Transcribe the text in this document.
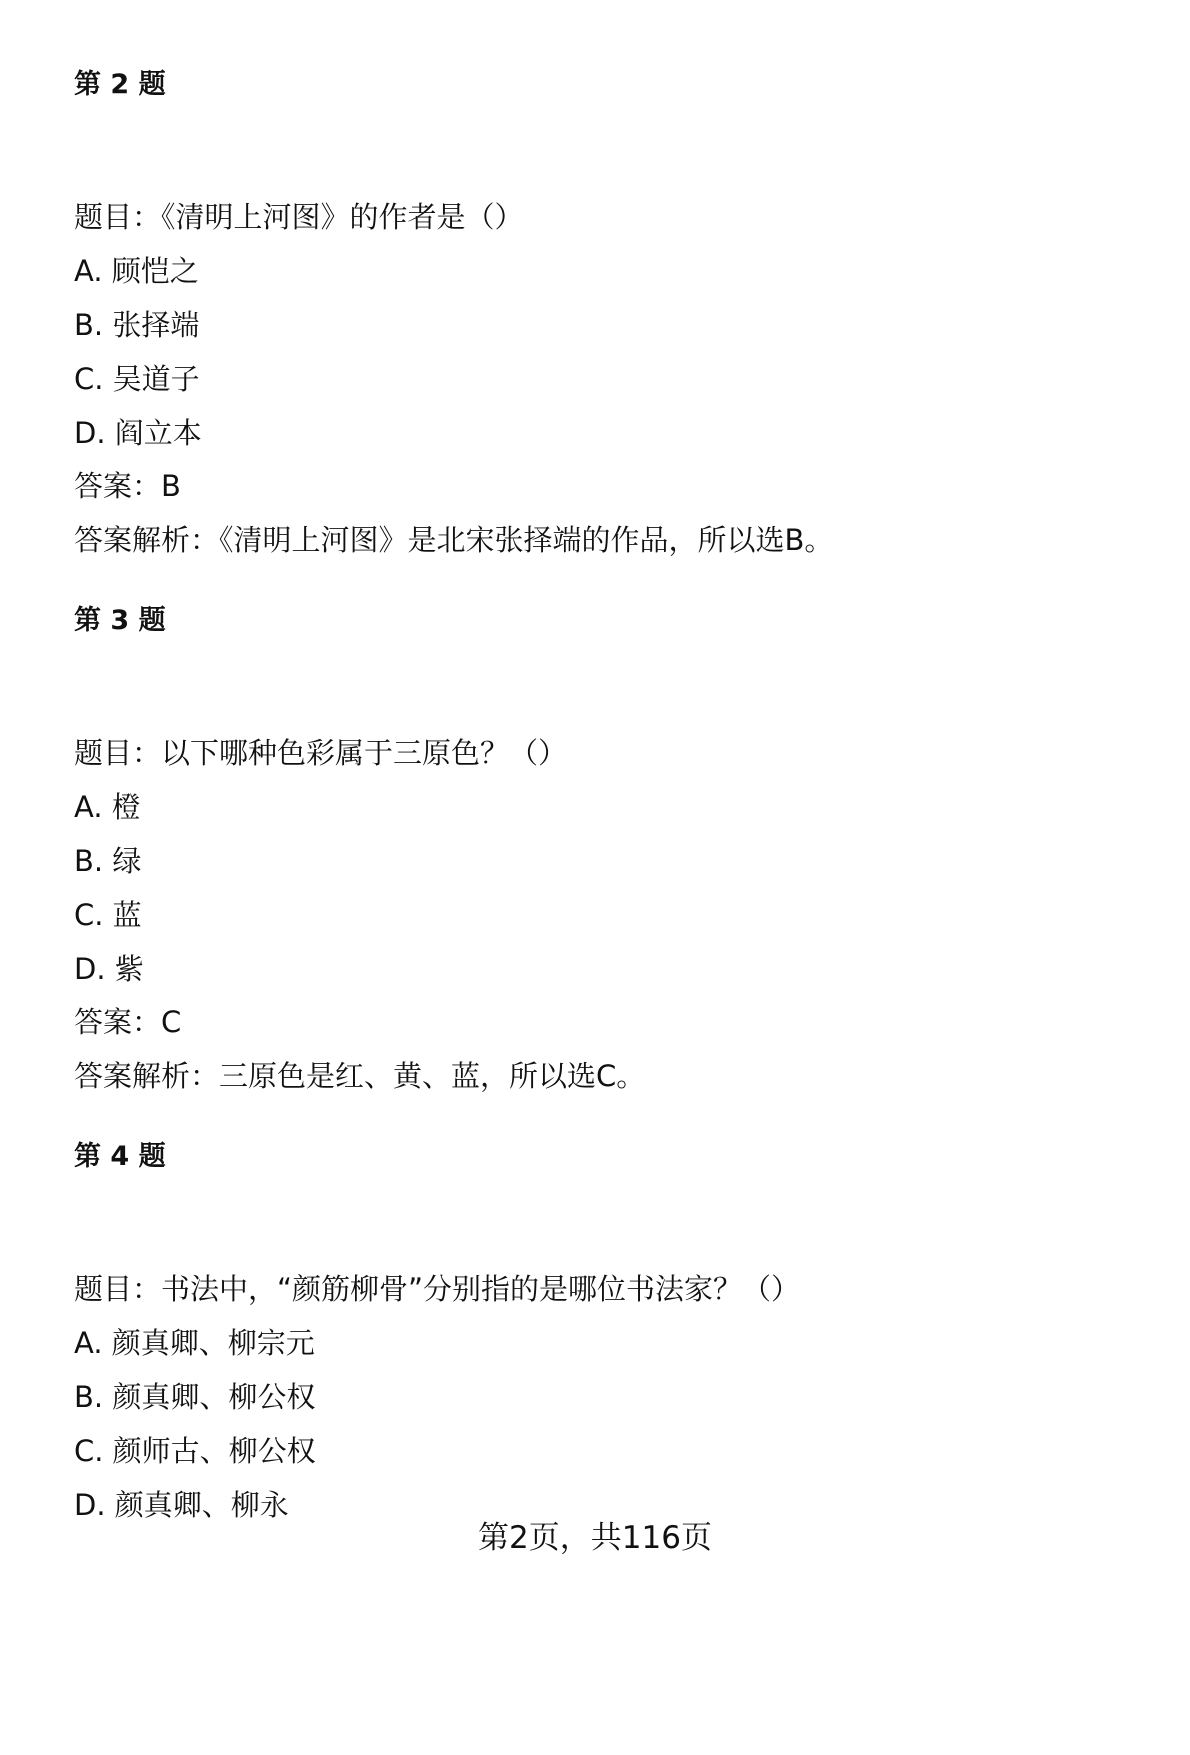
第 2 题

题目：《清明上河图》的作者是（）

A. 顾恺之

B. 张择端

C. 吴道子

D. 阎立本

答案：B

答案解析：《清明上河图》是北宋张择端的作品，所以选B。

第 3 题

题目：以下哪种色彩属于三原色？（）

A. 橙

B. 绿

C. 蓝

D. 紫

答案：C

答案解析：三原色是红、黄、蓝，所以选C。

第 4 题

题目：书法中，“颜筋柳骨”分别指的是哪位书法家？（）

A. 颜真卿、柳宗元

B. 颜真卿、柳公权

C. 颜师古、柳公权

D. 颜真卿、柳永

第2页，共116页
